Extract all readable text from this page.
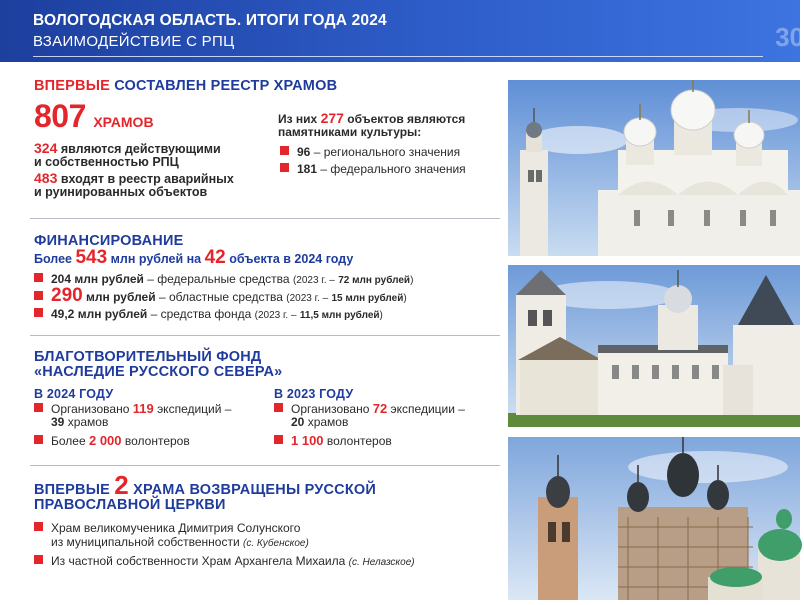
ВОЛОГОДСКАЯ ОБЛАСТЬ. ИТОГИ ГОДА 2024
ВЗАИМОДЕЙСТВИЕ С РПЦ	30
ВПЕРВЫЕ СОСТАВЛЕН РЕЕСТР ХРАМОВ
807 ХРАМОВ
324 являются действующими
и собственностью РПЦ
483 входят в реестр аварийных
и руинированных объектов
Из них 277 объектов являются
памятниками культуры:
96 – регионального значения
181 – федерального значения
ФИНАНСИРОВАНИЕ
Более 543 млн рублей на 42 объекта в 2024 году
204 млн рублей – федеральные средства (2023 г. – 72 млн рублей)
290 млн рублей – областные средства (2023 г. – 15 млн рублей)
49,2 млн рублей – средства фонда (2023 г. – 11,5 млн рублей)
БЛАГОТВОРИТЕЛЬНЫЙ ФОНД
«НАСЛЕДИЕ РУССКОГО СЕВЕРА»
В 2024 ГОДУ
Организовано 119 экспедиций –
39 храмов
Более 2 000 волонтеров
В 2023 ГОДУ
Организовано 72 экспедиции –
20 храмов
1 100 волонтеров
ВПЕРВЫЕ 2 ХРАМА ВОЗВРАЩЕНЫ РУССКОЙ
ПРАВОСЛАВНОЙ ЦЕРКВИ
Храм великомученика Димитрия Солунского
из муниципальной собственности (с. Кубенское)
Из частной собственности Храм Архангела Михаила (с. Нелазское)
